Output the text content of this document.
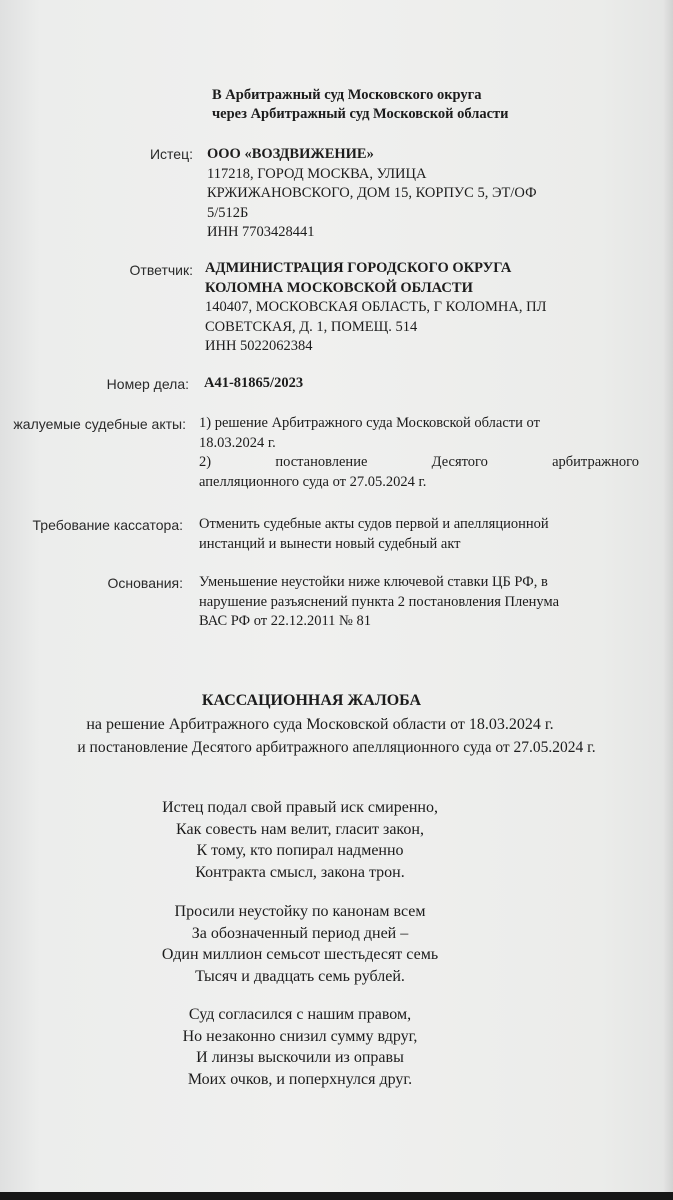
В Арбитражный суд Московского округа
через Арбитражный суд Московской области
Истец: ООО «ВОЗДВИЖЕНИЕ»
117218, ГОРОД МОСКВА, УЛИЦА
КРЖИЖАНОВСКОГО, ДОМ 15, КОРПУС 5, ЭТ/ОФ
5/512Б
ИНН 7703428441
Ответчик: АДМИНИСТРАЦИЯ ГОРОДСКОГО ОКРУГА
КОЛОМНА МОСКОВСКОЙ ОБЛАСТИ
140407, МОСКОВСКАЯ ОБЛАСТЬ, Г КОЛОМНА, ПЛ
СОВЕТСКАЯ, Д. 1, ПОМЕЩ. 514
ИНН 5022062384
Номер дела: А41-81865/2023
жалуемые судебные акты: 1) решение Арбитражного суда Московской области от
18.03.2024 г.
2)	постановление	Десятого	арбитражного
апелляционного суда от 27.05.2024 г.
Требование кассатора: Отменить судебные акты судов первой и апелляционной
инстанций и вынести новый судебный акт
Основания: Уменьшение неустойки ниже ключевой ставки ЦБ РФ, в
нарушение разъяснений пункта 2 постановления Пленума
ВАС РФ от 22.12.2011 № 81
КАССАЦИОННАЯ ЖАЛОБА
на решение Арбитражного суда Московской области от 18.03.2024 г.
и постановление Десятого арбитражного апелляционного суда от 27.05.2024 г.
Истец подал свой правый иск смиренно,
Как совесть нам велит, гласит закон,
К тому, кто попирал надменно
Контракта смысл, закона трон.
Просили неустойку по канонам всем
За обозначенный период дней –
Один миллион семьсот шестьдесят семь
Тысяч и двадцать семь рублей.
Суд согласился с нашим правом,
Но незаконно снизил сумму вдруг,
И линзы выскочили из оправы
Моих очков, и поперхнулся друг.
